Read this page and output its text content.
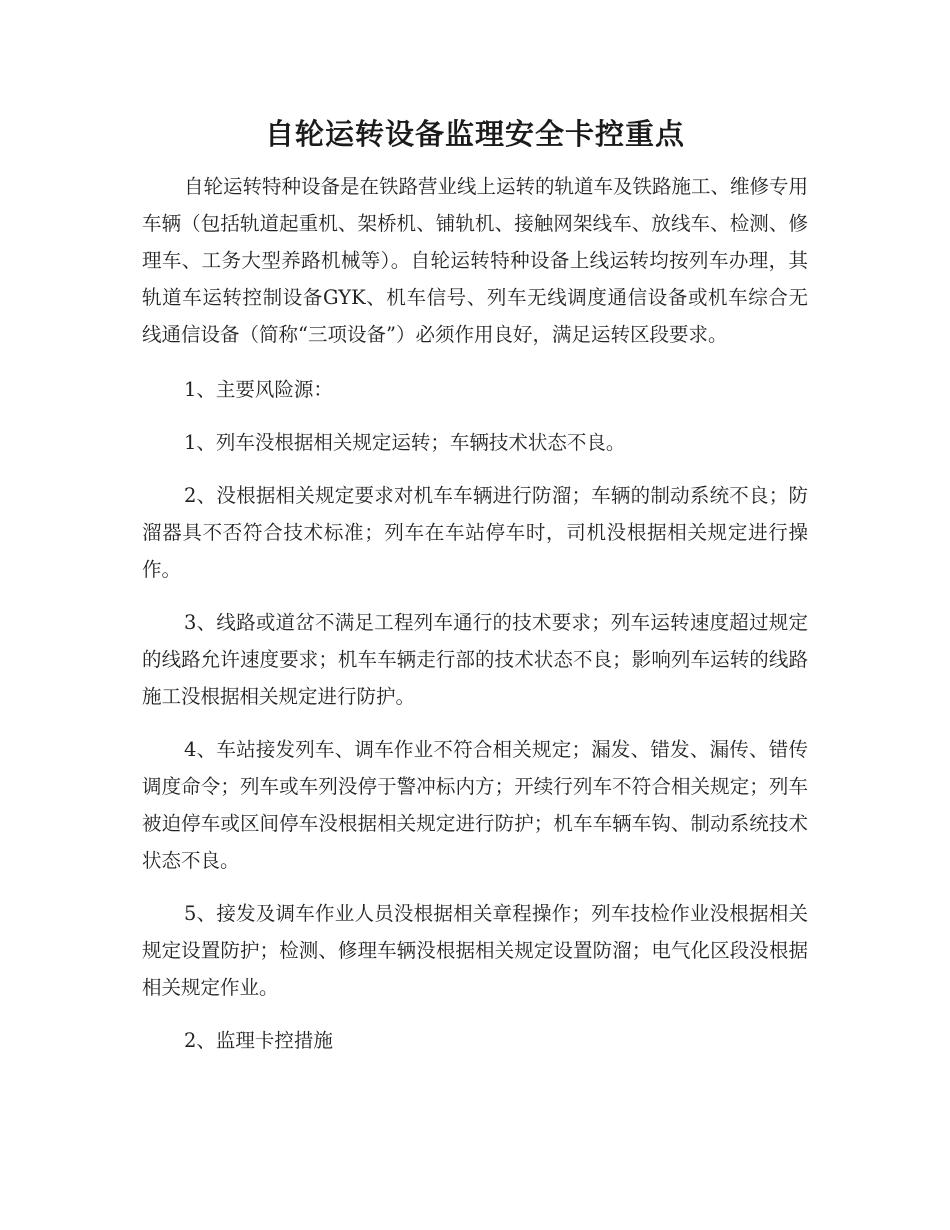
自轮运转设备监理安全卡控重点

自轮运转特种设备是在铁路营业线上运转的轨道车及铁路施工、维修专用车辆（包括轨道起重机、架桥机、铺轨机、接触网架线车、放线车、检测、修理车、工务大型养路机械等）。自轮运转特种设备上线运转均按列车办理，其轨道车运转控制设备GYK、机车信号、列车无线调度通信设备或机车综合无线通信设备（简称“三项设备”）必须作用良好，满足运转区段要求。

1、主要风险源：

1、列车没根据相关规定运转；车辆技术状态不良。

2、没根据相关规定要求对机车车辆进行防溜；车辆的制动系统不良；防溜器具不否符合技术标准；列车在车站停车时，司机没根据相关规定进行操作。

3、线路或道岔不满足工程列车通行的技术要求；列车运转速度超过规定的线路允许速度要求；机车车辆走行部的技术状态不良；影响列车运转的线路施工没根据相关规定进行防护。

4、车站接发列车、调车作业不符合相关规定；漏发、错发、漏传、错传调度命令；列车或车列没停于警冲标内方；开续行列车不符合相关规定；列车被迫停车或区间停车没根据相关规定进行防护；机车车辆车钩、制动系统技术状态不良。

5、接发及调车作业人员没根据相关章程操作；列车技检作业没根据相关规定设置防护；检测、修理车辆没根据相关规定设置防溜；电气化区段没根据相关规定作业。

2、监理卡控措施
